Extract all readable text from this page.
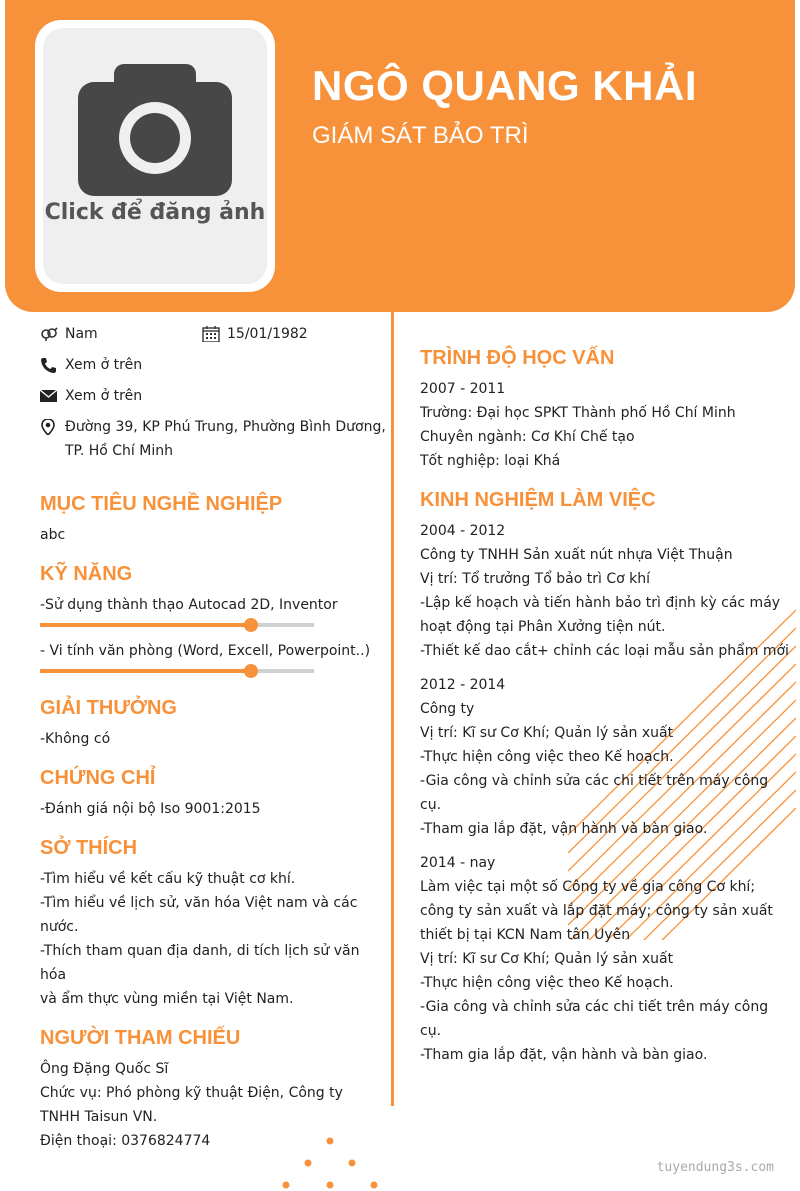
Click để đăng ảnh
NGÔ QUANG KHẢI
GIÁM SÁT BẢO TRÌ
Nam	15/01/1982
Xem ở trên
Xem ở trên
Đường 39, KP Phú Trung, Phường Bình Dương, TP. Hồ Chí Minh
MỤC TIÊU NGHỀ NGHIỆP
abc
KỸ NĂNG
-Sử dụng thành thạo Autocad 2D, Inventor
- Vi tính văn phòng (Word, Excell, Powerpoint..)
GIẢI THƯỞNG
-Không có
CHỨNG CHỈ
-Đánh giá nội bộ Iso 9001:2015
SỞ THÍCH
-Tìm hiểu về kết cấu kỹ thuật cơ khí.
-Tìm hiểu về lịch sử, văn hóa Việt nam và các nước.
-Thích tham quan địa danh, di tích lịch sử văn hóa
và ẩm thực vùng miền tại Việt Nam.
NGƯỜI THAM CHIẾU
Ông Đặng Quốc Sĩ
Chức vụ: Phó phòng kỹ thuật Điện, Công ty TNHH Taisun VN.
Điện thoại: 0376824774
TRÌNH ĐỘ HỌC VẤN
2007 - 2011
Trường: Đại học SPKT Thành phố Hồ Chí Minh
Chuyên ngành: Cơ Khí Chế tạo
Tốt nghiệp: loại Khá
KINH NGHIỆM LÀM VIỆC
2004 - 2012
Công ty TNHH Sản xuất nút nhựa Việt Thuận
Vị trí: Tổ trưởng Tổ bảo trì Cơ khí
-Lập kế hoạch và tiến hành bảo trì định kỳ các máy hoạt động tại Phân Xưởng tiện nút.
-Thiết kế dao cắt+ chỉnh các loại mẫu sản phẩm mới
2012 - 2014
Công ty
Vị trí: Kĩ sư Cơ Khí; Quản lý sản xuất
-Thực hiện công việc theo Kế hoạch.
-Gia công và chỉnh sửa các chi tiết trên máy công cụ.
-Tham gia lắp đặt, vận hành và bàn giao.
2014 - nay
Làm việc tại một số Công ty về gia công Cơ khí; công ty sản xuất và lắp đặt máy; công ty sản xuất thiết bị tại KCN Nam tân Uyên
Vị trí: Kĩ sư Cơ Khí; Quản lý sản xuất
-Thực hiện công việc theo Kế hoạch.
-Gia công và chỉnh sửa các chi tiết trên máy công cụ.
-Tham gia lắp đặt, vận hành và bàn giao.
tuyendung3s.com
